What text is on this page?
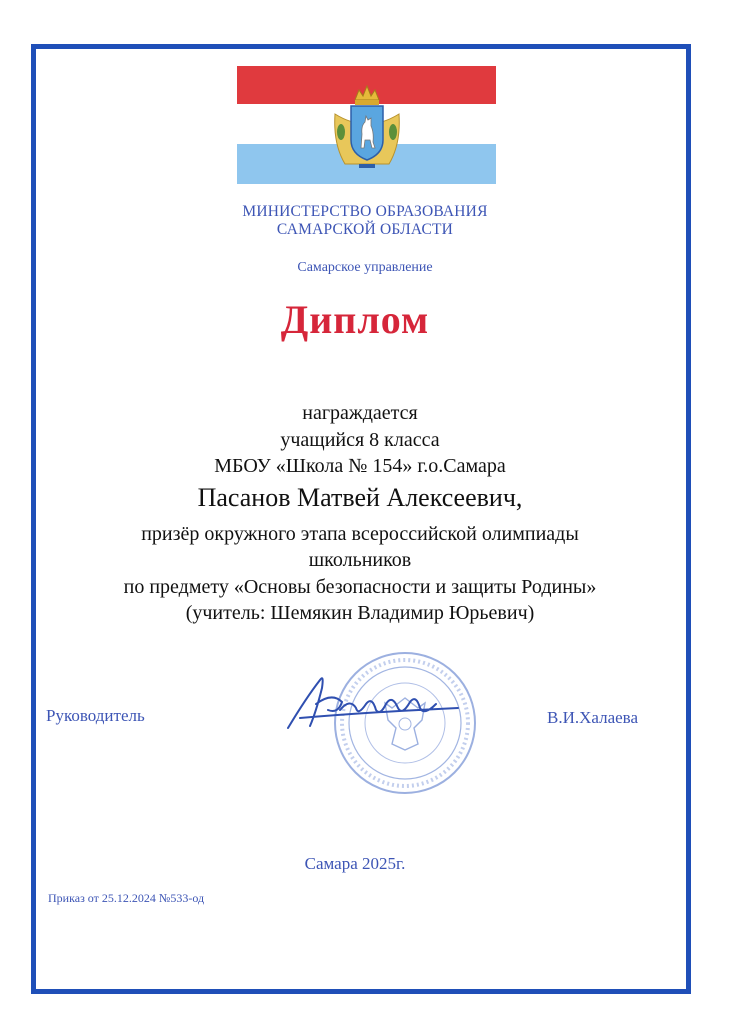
МИНИСТЕРСТВО ОБРАЗОВАНИЯ
САМАРСКОЙ ОБЛАСТИ
Самарское управление
Диплом
награждается
учащийся 8 класса
МБОУ «Школа № 154» г.о.Самара
Пасанов Матвей Алексеевич,
призёр окружного этапа всероссийской олимпиады
школьников
по предмету «Основы безопасности и защиты Родины»
(учитель: Шемякин Владимир Юрьевич)
Руководитель	В.И.Халаева
Самара 2025г.
Приказ от 25.12.2024 №533-од
